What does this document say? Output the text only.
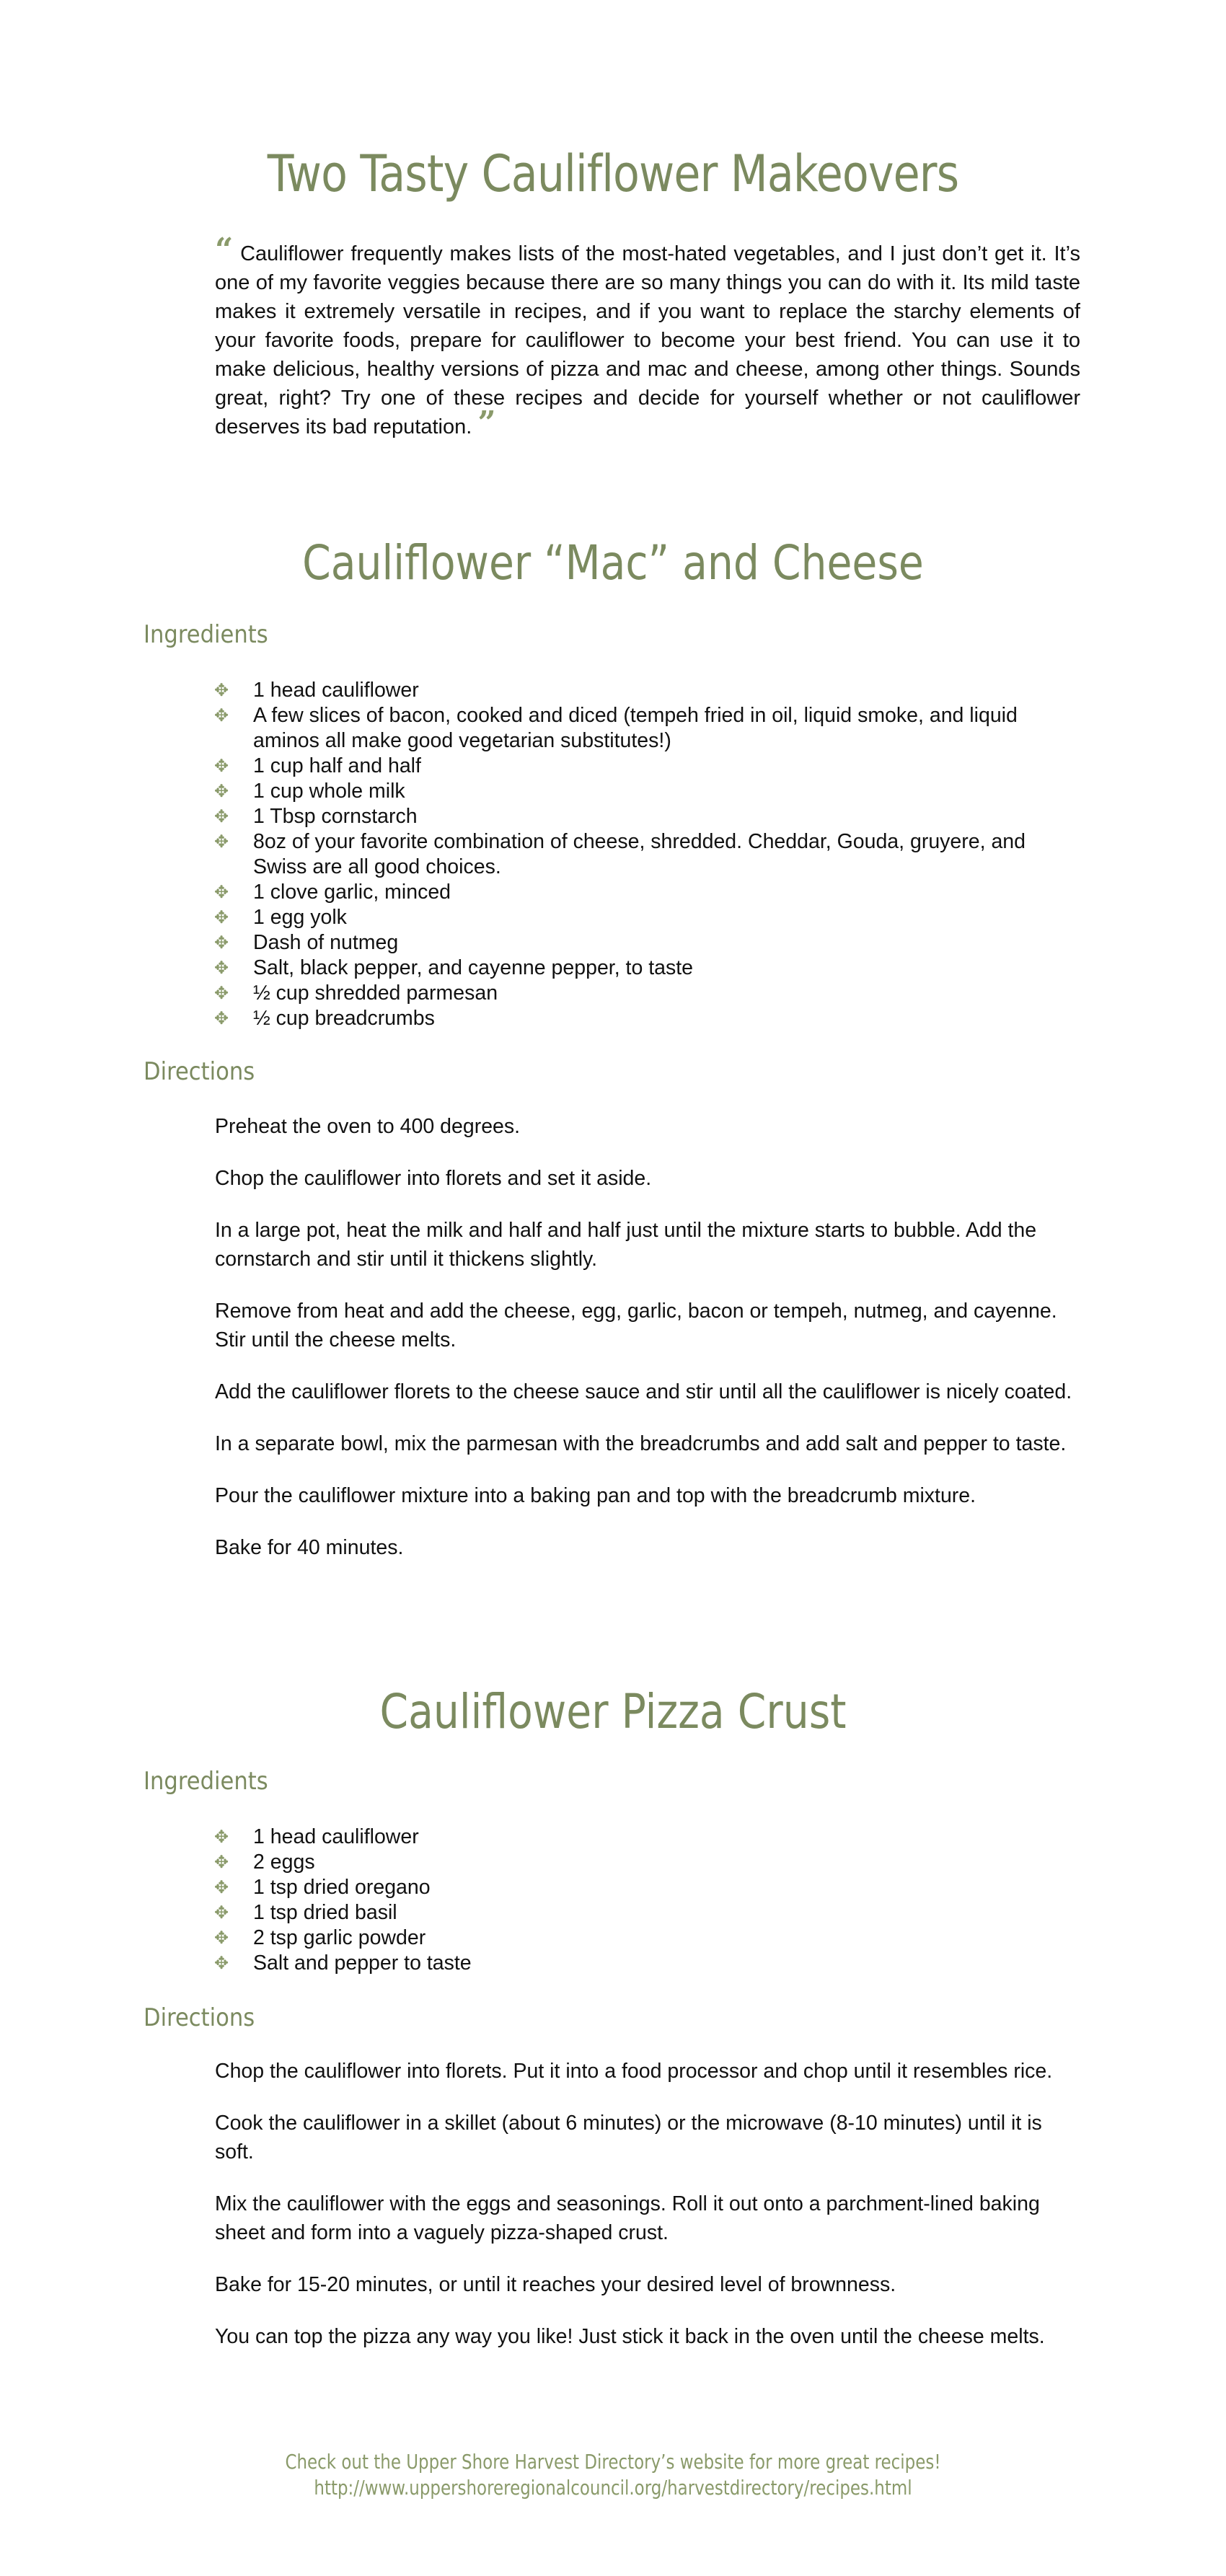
Two Tasty Cauliflower Makeovers

“ Cauliflower frequently makes lists of the most-hated vegetables, and I just don’t get it. It’s one of my favorite veggies because there are so many things you can do with it. Its mild taste makes it extremely versatile in recipes, and if you want to replace the starchy elements of your favorite foods, prepare for cauliflower to become your best friend. You can use it to make delicious, healthy versions of pizza and mac and cheese, among other things. Sounds great, right? Try one of these recipes and decide for yourself whether or not cauliflower deserves its bad reputation. ”

Cauliflower “Mac” and Cheese
Ingredients
✥ 1 head cauliflower
✥ A few slices of bacon, cooked and diced (tempeh fried in oil, liquid smoke, and liquid aminos all make good vegetarian substitutes!)
✥ 1 cup half and half
✥ 1 cup whole milk
✥ 1 Tbsp cornstarch
✥ 8oz of your favorite combination of cheese, shredded. Cheddar, Gouda, gruyere, and Swiss are all good choices.
✥ 1 clove garlic, minced
✥ 1 egg yolk
✥ Dash of nutmeg
✥ Salt, black pepper, and cayenne pepper, to taste
✥ ½ cup shredded parmesan
✥ ½ cup breadcrumbs
Directions

Preheat the oven to 400 degrees.

Chop the cauliflower into florets and set it aside.

In a large pot, heat the milk and half and half just until the mixture starts to bubble. Add the cornstarch and stir until it thickens slightly.

Remove from heat and add the cheese, egg, garlic, bacon or tempeh, nutmeg, and cayenne. Stir until the cheese melts.

Add the cauliflower florets to the cheese sauce and stir until all the cauliflower is nicely coated.

In a separate bowl, mix the parmesan with the breadcrumbs and add salt and pepper to taste.

Pour the cauliflower mixture into a baking pan and top with the breadcrumb mixture.

Bake for 40 minutes.

Cauliflower Pizza Crust
Ingredients
✥ 1 head cauliflower
✥ 2 eggs
✥ 1 tsp dried oregano
✥ 1 tsp dried basil
✥ 2 tsp garlic powder
✥ Salt and pepper to taste
Directions

Chop the cauliflower into florets. Put it into a food processor and chop until it resembles rice.

Cook the cauliflower in a skillet (about 6 minutes) or the microwave (8-10 minutes) until it is soft.

Mix the cauliflower with the eggs and seasonings. Roll it out onto a parchment-lined baking sheet and form into a vaguely pizza-shaped crust.

Bake for 15-20 minutes, or until it reaches your desired level of brownness.

You can top the pizza any way you like! Just stick it back in the oven until the cheese melts.

Check out the Upper Shore Harvest Directory’s website for more great recipes!
http://www.uppershoreregionalcouncil.org/harvestdirectory/recipes.html
